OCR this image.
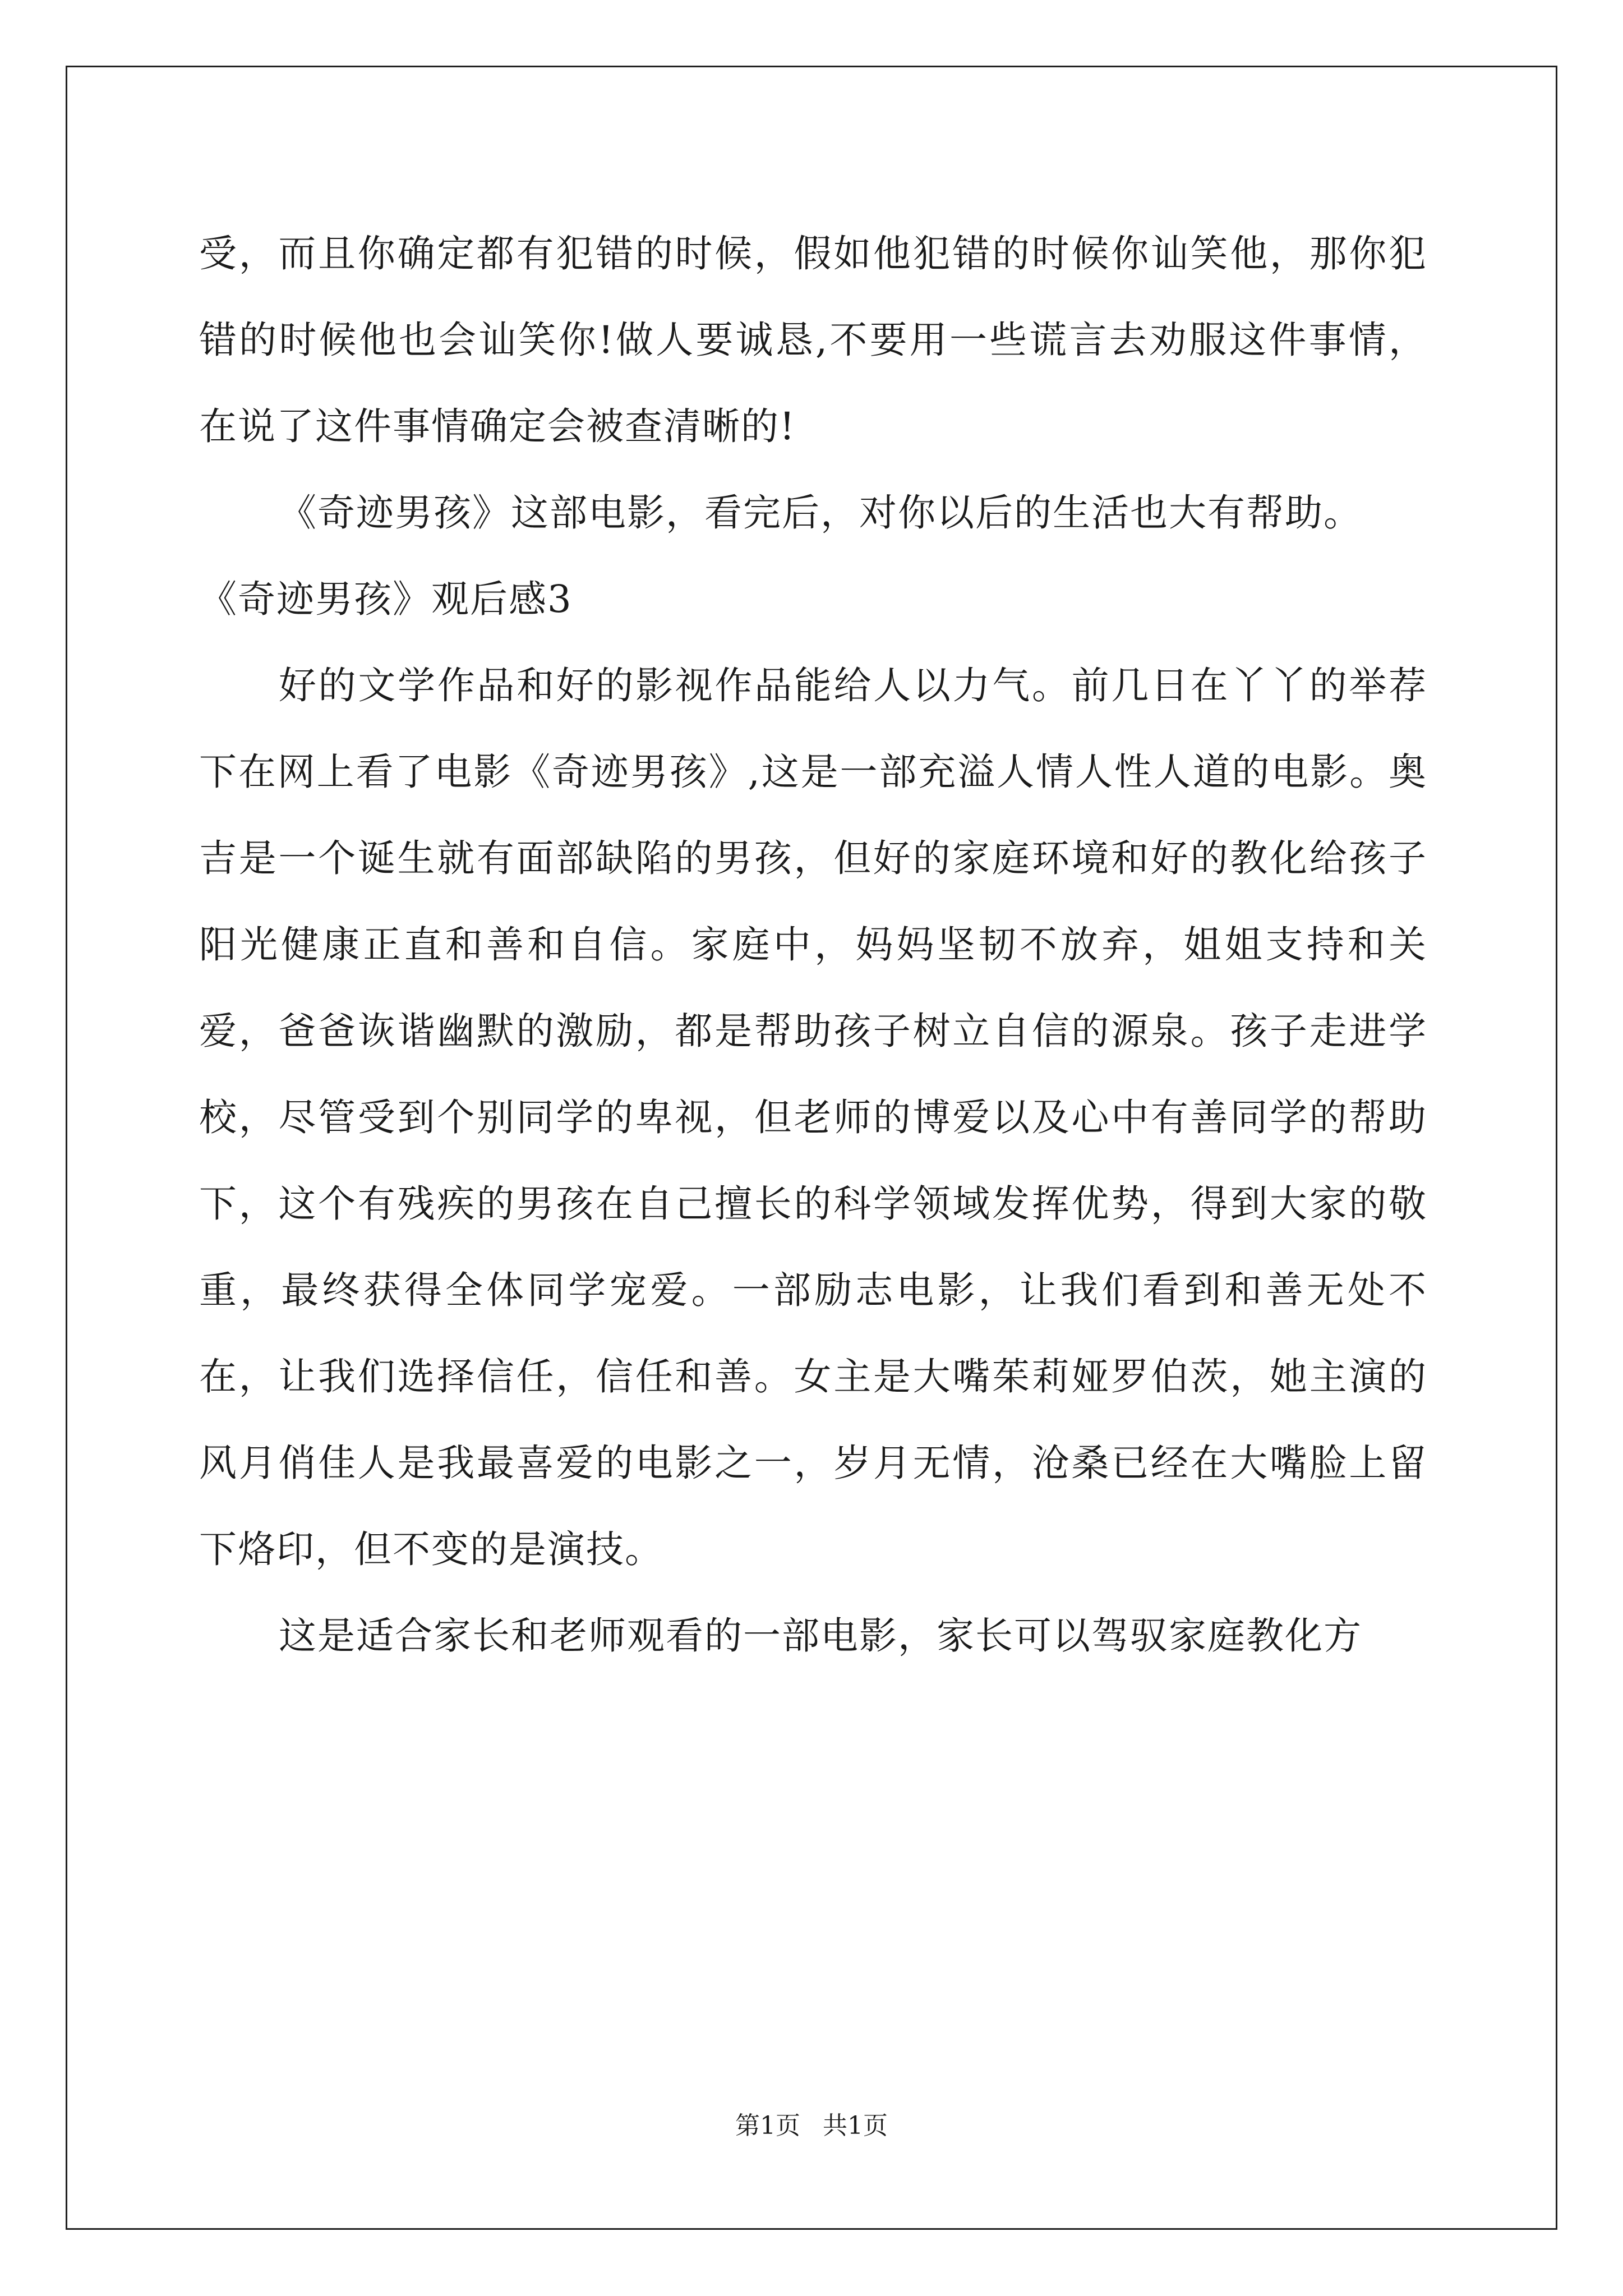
受，而且你确定都有犯错的时候，假如他犯错的时候你讪笑他，那你犯错的时候他也会讪笑你!做人要诚恳,不要用一些谎言去劝服这件事情，在说了这件事情确定会被查清晰的!

《奇迹男孩》这部电影，看完后，对你以后的生活也大有帮助。

《奇迹男孩》观后感3

好的文学作品和好的影视作品能给人以力气。前几日在丫丫的举荐下在网上看了电影《奇迹男孩》,这是一部充溢人情人性人道的电影。奥吉是一个诞生就有面部缺陷的男孩，但好的家庭环境和好的教化给孩子阳光健康正直和善和自信。家庭中，妈妈坚韧不放弃，姐姐支持和关爱，爸爸诙谐幽默的激励，都是帮助孩子树立自信的源泉。孩子走进学校，尽管受到个别同学的卑视，但老师的博爱以及心中有善同学的帮助下，这个有残疾的男孩在自己擅长的科学领域发挥优势，得到大家的敬重，最终获得全体同学宠爱。一部励志电影，让我们看到和善无处不在，让我们选择信任，信任和善。女主是大嘴茱莉娅罗伯茨，她主演的风月俏佳人是我最喜爱的电影之一，岁月无情，沧桑已经在大嘴脸上留下烙印，但不变的是演技。

这是适合家长和老师观看的一部电影，家长可以驾驭家庭教化方

第1页 共1页
